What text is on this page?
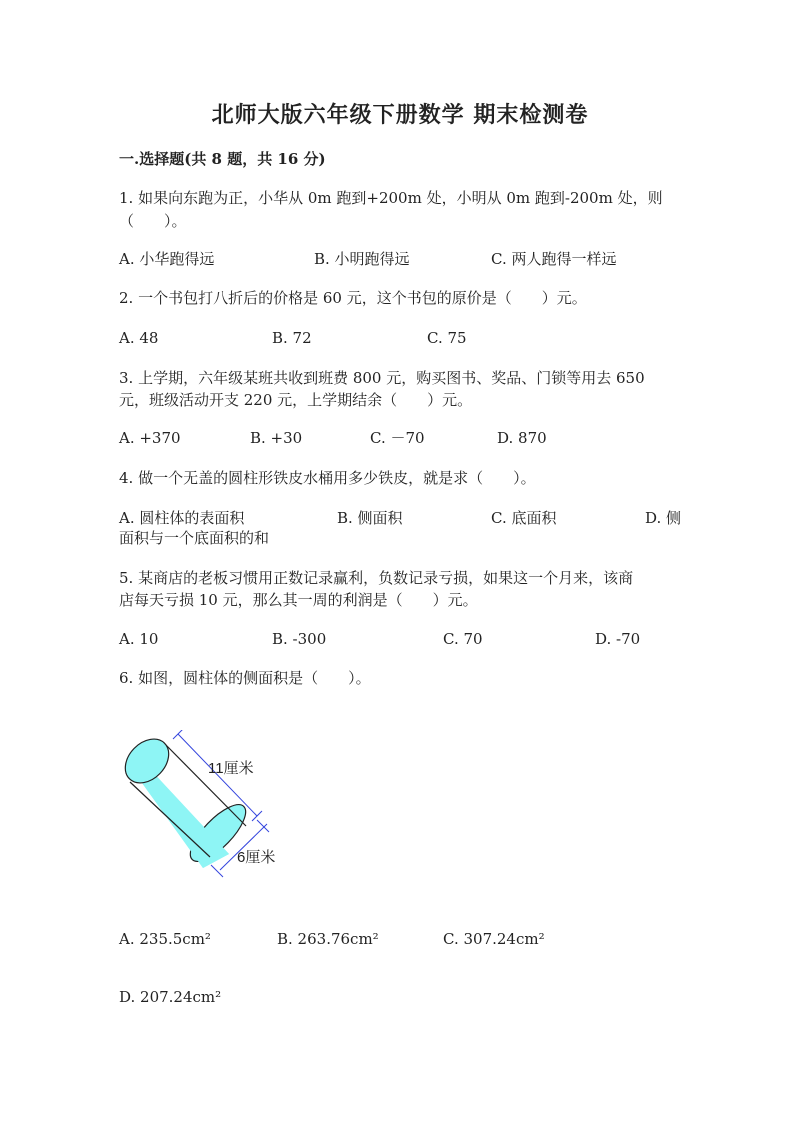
北师大版六年级下册数学 期末检测卷
一.选择题(共 8 题，共 16 分)
1. 如果向东跑为正，小华从 0m 跑到+200m 处，小明从 0m 跑到-200m 处，则
（　　）。
A. 小华跑得远	B. 小明跑得远	C. 两人跑得一样远
2. 一个书包打八折后的价格是 60 元，这个书包的原价是（　　）元。
A. 48	B. 72	C. 75
3. 上学期，六年级某班共收到班费 800 元，购买图书、奖品、门锁等用去 650
元，班级活动开支 220 元，上学期结余（　　）元。
A. +370	B. +30	C. －70	D. 870
4. 做一个无盖的圆柱形铁皮水桶用多少铁皮，就是求（　　）。
A. 圆柱体的表面积	B. 侧面积	C. 底面积	D. 侧
面积与一个底面积的和
5. 某商店的老板习惯用正数记录赢利，负数记录亏损，如果这一个月来，该商
店每天亏损 10 元，那么其一周的利润是（　　）元。
A. 10	B. -300	C. 70	D. -70
6. 如图，圆柱体的侧面积是（　　）。
11厘米
6厘米
A. 235.5cm²	B. 263.76cm²	C. 307.24cm²
D. 207.24cm²
